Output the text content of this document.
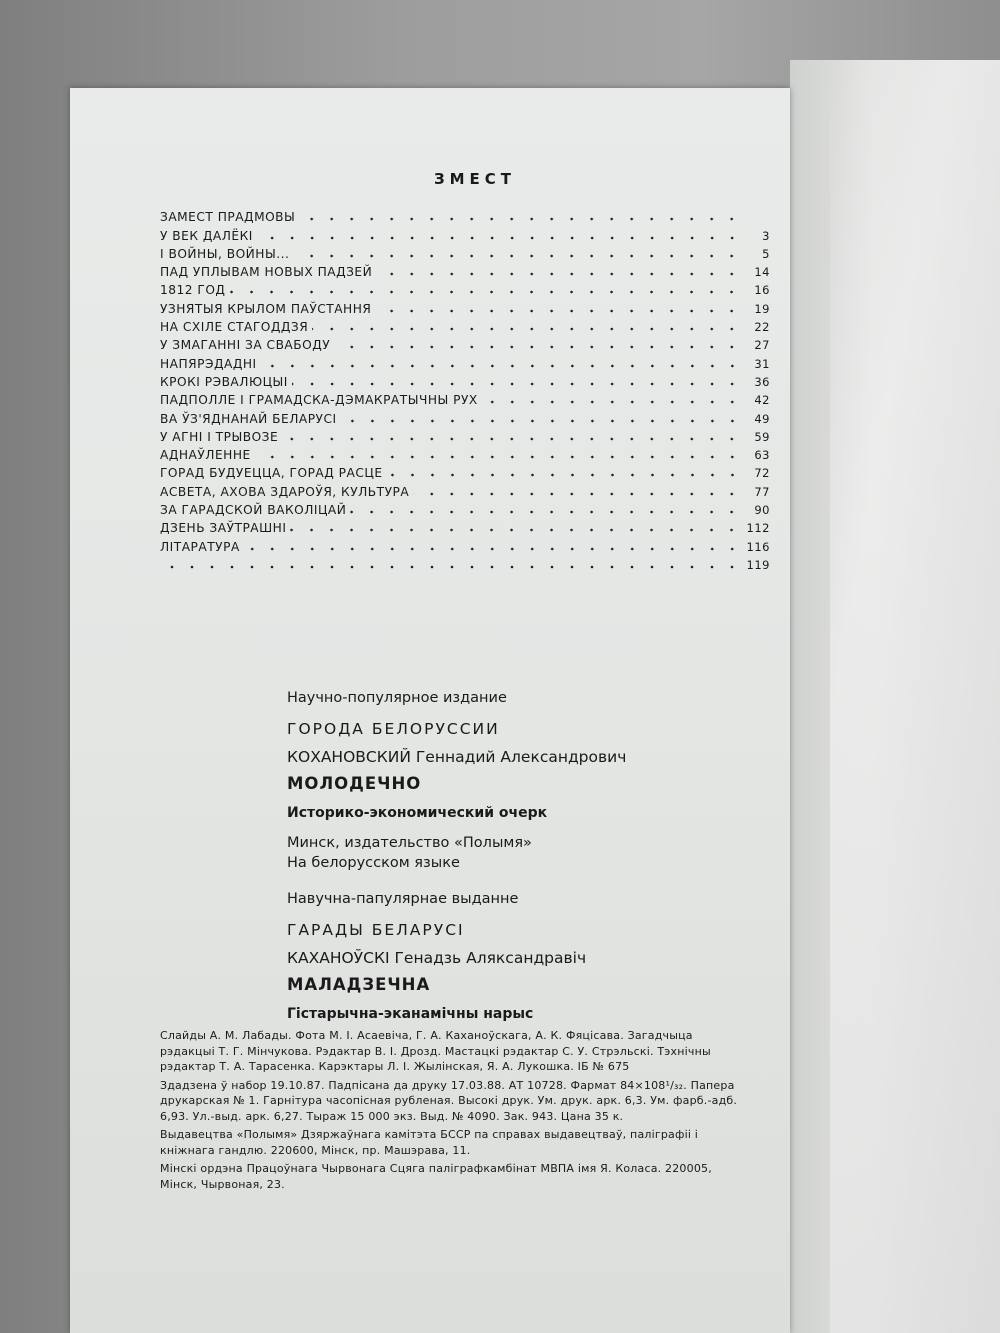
ЗМЕСТ
ЗАМЕСТ ПРАДМОВЫ
У ВЕК ДАЛЁКІ	3
І ВОЙНЫ, ВОЙНЫ...	5
ПАД УПЛЫВАМ НОВЫХ ПАДЗЕЙ	14
1812 ГОД	16
УЗНЯТЫЯ КРЫЛОМ ПАЎСТАННЯ	19
НА СХІЛЕ СТАГОДДЗЯ	22
У ЗМАГАННІ ЗА СВАБОДУ	27
НАПЯРЭДАДНІ	31
КРОКІ РЭВАЛЮЦЫІ	36
ПАДПОЛЛЕ І ГРАМАДСКА-ДЭМАКРАТЫЧНЫ РУХ	42
ВА ЎЗ'ЯДНАНАЙ БЕЛАРУСІ	49
У АГНІ І ТРЫВОЗЕ	59
АДНАЎЛЕННЕ	63
ГОРАД БУДУЕЦЦА, ГОРАД РАСЦЕ	72
АСВЕТА, АХОВА ЗДАРОЎЯ, КУЛЬТУРА	77
ЗА ГАРАДСКОЙ ВАКОЛІЦАЙ	90
ДЗЕНЬ ЗАЎТРАШНІ	112
ЛІТАРАТУРА	116
119
Научно-популярное издание
ГОРОДА БЕЛОРУССИИ
КОХАНОВСКИЙ Геннадий Александрович
МОЛОДЕЧНО
Историко-экономический очерк
Минск, издательство «Полымя»
На белорусском языке
Навучна-папулярнае выданне
ГАРАДЫ БЕЛАРУСІ
КАХАНОЎСКІ Генадзь Аляксандравіч
МАЛАДЗЕЧНА
Гістарычна-эканамічны нарыс

Слайды А. М. Лабады. Фота М. І. Асаевіча, Г. А. Каханоўскага, А. К. Фяцісава. Загадчыца рэдакцыі Т. Г. Мінчукова. Рэдактар В. І. Дрозд. Мастацкі рэдактар С. У. Стрэльскі. Тэхнічны рэдактар Т. А. Тарасенка. Карэктары Л. І. Жылінская, Я. А. Лукошка. ІБ № 675

Здадзена ў набор 19.10.87. Падпісана да друку 17.03.88. АТ 10728. Фармат 84×108¹/₃₂. Папера друкарская № 1. Гарнітура часопісная рубленая. Высокі друк. Ум. друк. арк. 6,3. Ум. фарб.-адб. 6,93. Ул.-выд. арк. 6,27. Тыраж 15 000 экз. Выд. № 4090. Зак. 943. Цана 35 к.

Выдавецтва «Полымя» Дзяржаўнага камітэта БССР па справах выдавецтваў, паліграфіі і кніжнага гандлю. 220600, Мінск, пр. Машэрава, 11.

Мінскі ордэна Працоўнага Чырвонага Сцяга паліграфкамбінат МВПА імя Я. Коласа. 220005, Мінск, Чырвоная, 23.
